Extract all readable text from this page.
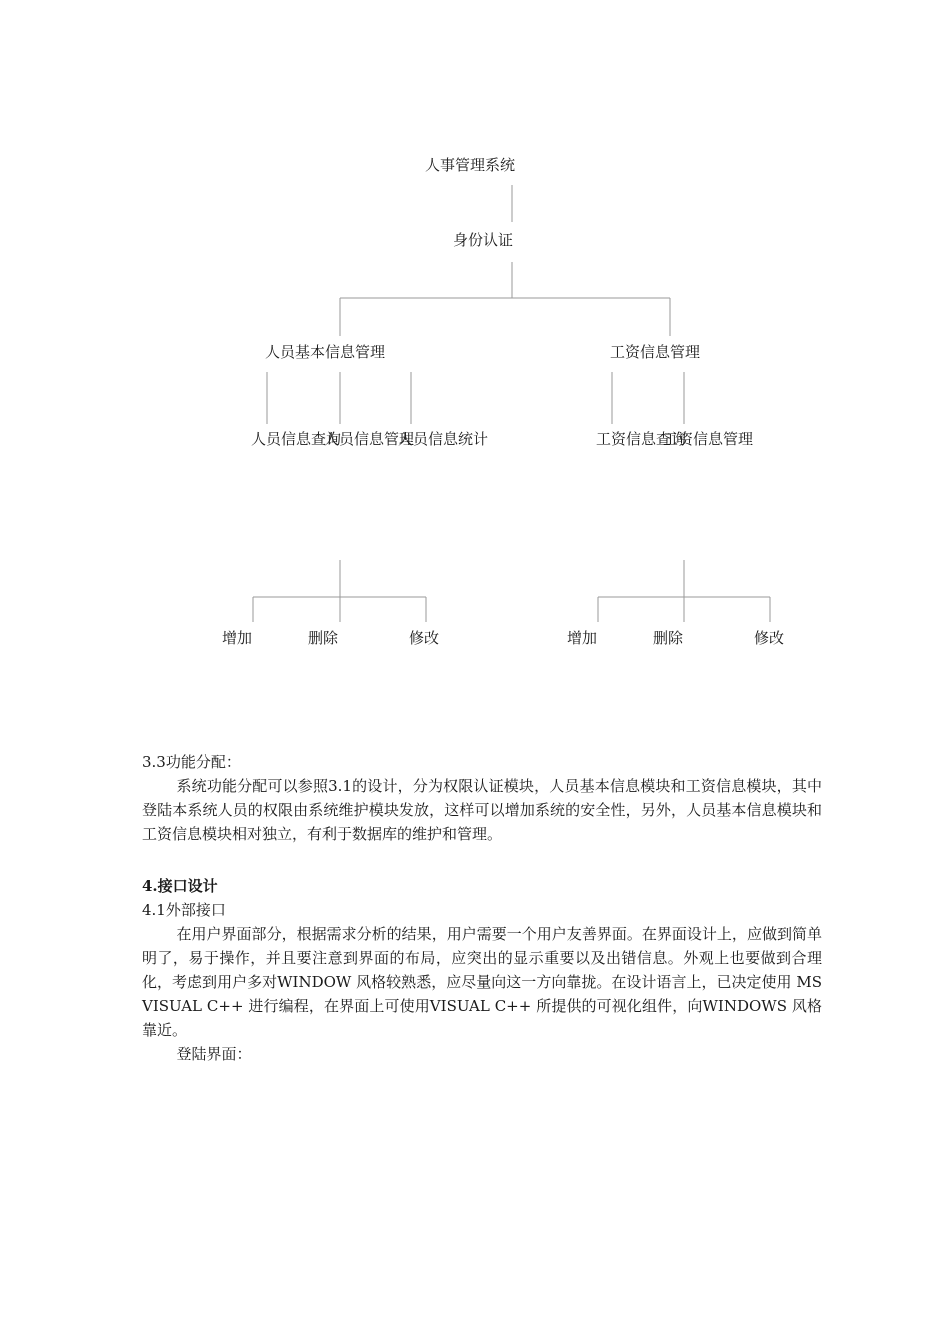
人事管理系统
身份认证
人员基本信息管理	工资信息管理
人员信息查询
人员信息管理
人员信息统计	工资信息查询
工资信息管理
增加	删除	修改	增加	删除	修改

3.3功能分配：

系统功能分配可以参照3.1的设计，分为权限认证模块，人员基本信息模块和工资信息模块，其中登陆本系统人员的权限由系统维护模块发放，这样可以增加系统的安全性，另外，人员基本信息模块和工资信息模块相对独立，有利于数据库的维护和管理。

4.接口设计

4.1外部接口

在用户界面部分，根据需求分析的结果，用户需要一个用户友善界面。在界面设计上，应做到简单明了，易于操作，并且要注意到界面的布局，应突出的显示重要以及出错信息。外观上也要做到合理化，考虑到用户多对WINDOW 风格较熟悉，应尽量向这一方向靠拢。在设计语言上，已决定使用 MS VISUAL C++ 进行编程，在界面上可使用VISUAL C++ 所提供的可视化组件，向WINDOWS 风格靠近。

登陆界面：
